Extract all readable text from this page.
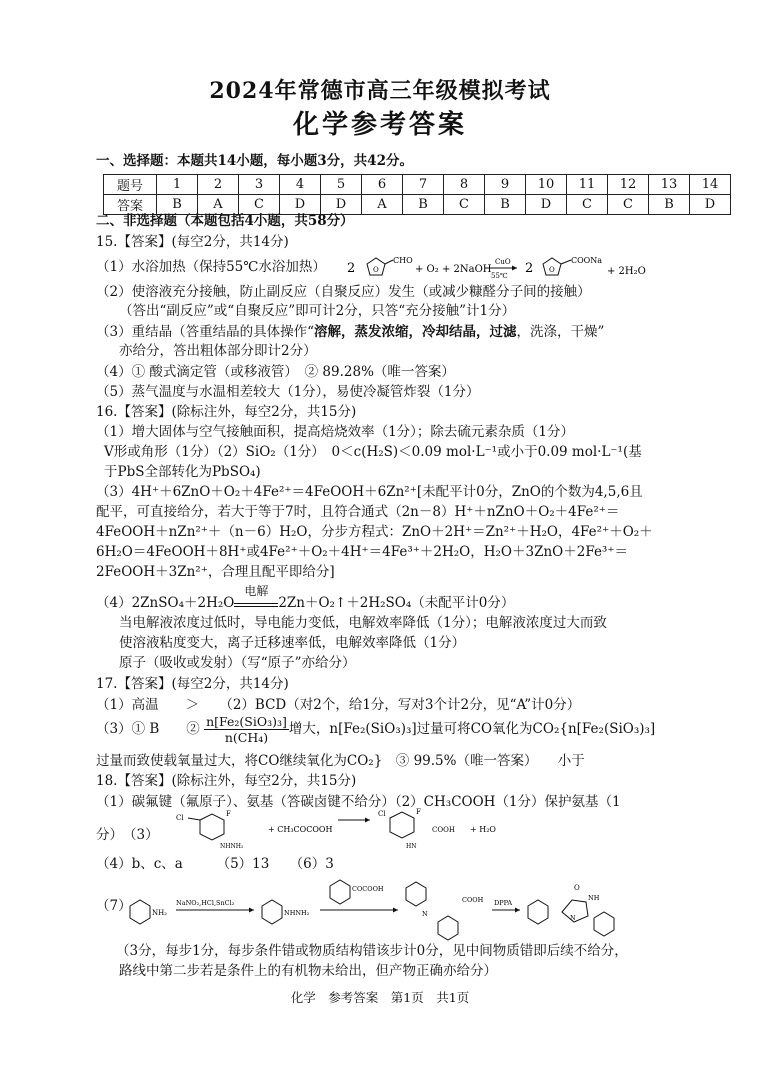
2024年常德市高三年级模拟考试
化学参考答案
一、选择题：本题共14小题，每小题3分，共42分。
题号	1	2	3	4	5	6	7	8	9	10	11	12	13	14
答案	B	A	C	D	D	A	B	C	B	D	C	C	B	D
二、非选择题（本题包括4小题，共58分）
15.【答案】(每空2分，共14分)
（1）水浴加热（保持55℃水浴加热） 2	O
CHO
+ O₂ + 2NaOH
CuO
55℃ 2 O
COONa
+ 2H₂O
（2）使溶液充分接触，防止副反应（自聚反应）发生（或减少糠醛分子间的接触）
（答出“副反应”或“自聚反应”即可计2分，只答“充分接触”计1分）
（3）重结晶（答重结晶的具体操作“溶解，蒸发浓缩，冷却结晶，过滤，洗涤，干燥”
亦给分，答出粗体部分即计2分）
（4）① 酸式滴定管（或移液管）　② 89.28%（唯一答案）
（5）蒸气温度与水温相差较大（1分），易使冷凝管炸裂（1分）
16.【答案】(除标注外，每空2分，共15分)
（1）增大固体与空气接触面积，提高焙烧效率（1分）；除去硫元素杂质（1分）
V形或角形（1分）（2）SiO₂（1分）　0＜c(H₂S)＜0.09 mol·L⁻¹或小于0.09 mol·L⁻¹(基
于PbS全部转化为PbSO₄)
（3）4H⁺＋6ZnO＋O₂＋4Fe²⁺＝4FeOOH＋6Zn²⁺[未配平计0分，ZnO的个数为4,5,6且
配平，可直接给分，若大于等于7时，且符合通式（2n－8）H⁺＋nZnO＋O₂＋4Fe²⁺＝
4FeOOH＋nZn²⁺＋（n－6）H₂O，分步方程式：ZnO＋2H⁺＝Zn²⁺＋H₂O，4Fe²⁺＋O₂＋
6H₂O＝4FeOOH＋8H⁺或4Fe²⁺＋O₂＋4H⁺＝4Fe³⁺＋2H₂O，H₂O＋3ZnO＋2Fe³⁺＝
2FeOOH＋3Zn²⁺，合理且配平即给分]
（4）2ZnSO₄＋2H₂O
电解
2Zn＋O₂↑＋2H₂SO₄（未配平计0分）
当电解液浓度过低时，导电能力变低，电解效率降低（1分）；电解液浓度过大而致
使溶液粘度变大，离子迁移速率低，电解效率降低（1分）
原子（吸收或发射）（写“原子”亦给分）
17.【答案】(每空2分，共14分)
（1）高温　　＞　　（2）BCD（对2个，给1分，写对3个计2分，见“A”计0分）
（3）① B　　② $\frac{\text{n[Fe₂(SiO₃)₃]}}{\text{n(CH₄)}}$ 增大，n[Fe₂(SiO₃)₃]过量可将CO氧化为CO₂{n[Fe₂(SiO₃)₃]
过量而致使载氧量过大，将CO继续氧化为CO₂}　③ 99.5%（唯一答案）　　小于
18.【答案】(除标注外，每空2分，共15分)
（1）碳氟键（氟原子）、氨基（答碳卤键不给分）（2）CH₃COOH（1分）保护氨基（1
分）　（3）
Cl	F
NHNH₂
+ CH₃COCOOH
Cl	F
HN
COOH + H₂O
（4）b、c、a　　　（5）13　　（6）3
（7）	NH₂
NaNO₂,HCl,SnCl₂
NHNH₂
COCOOH
N
COOH DPPA
O
NH
N
（3分，每步1分，每步条件错或物质结构错该步计0分，见中间物质错即后续不给分，
路线中第二步若是条件上的有机物未给出，但产物正确亦给分）
化学　参考答案　第1页　共1页
